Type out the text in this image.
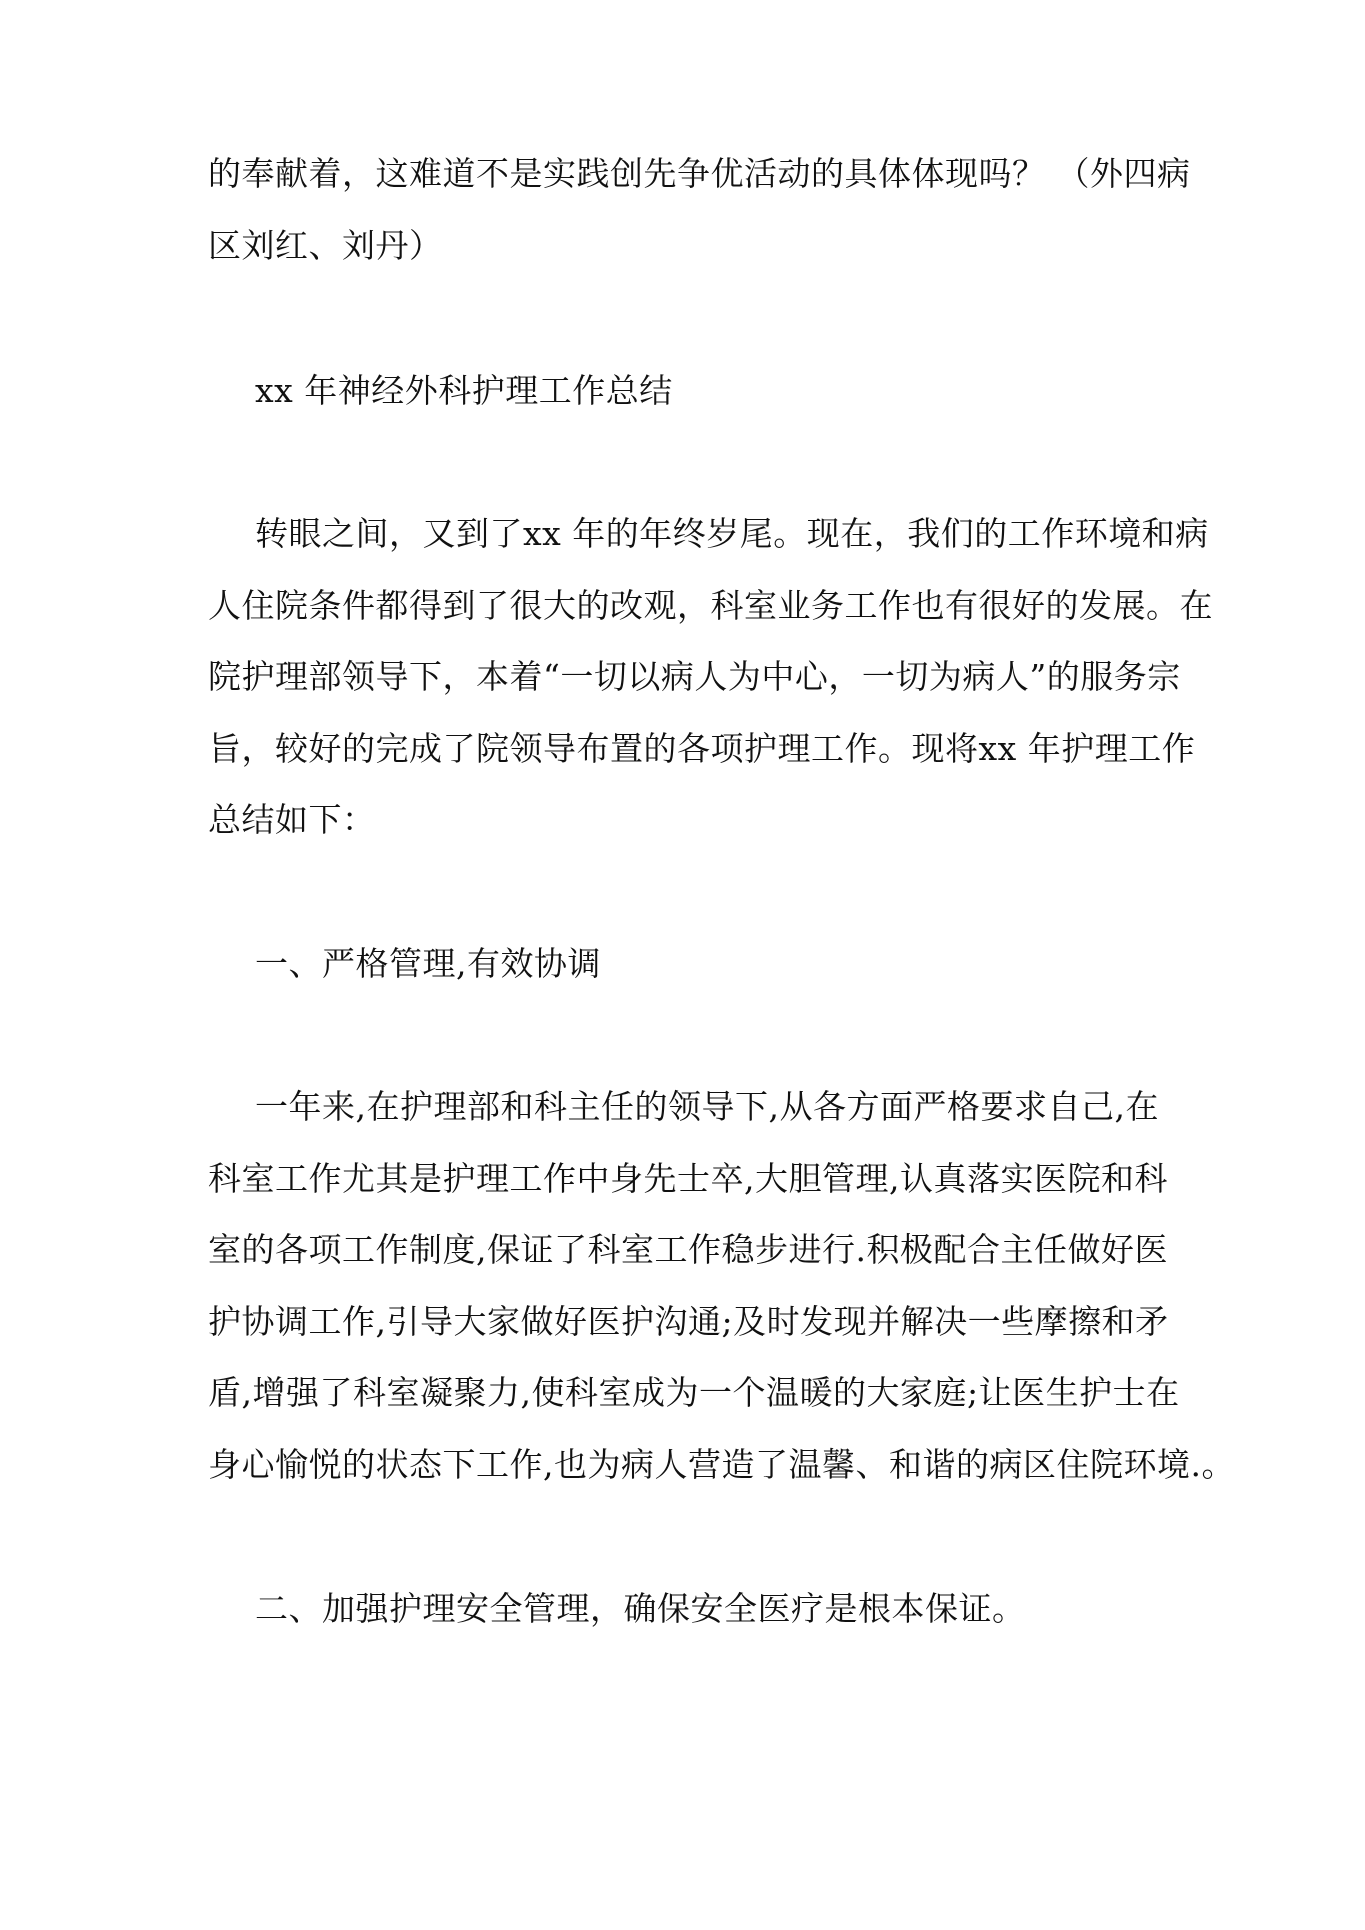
的奉献着，这难道不是实践创先争优活动的具体体现吗？ （外四病
区刘红、刘丹）
xx 年神经外科护理工作总结
转眼之间，又到了xx 年的年终岁尾。现在，我们的工作环境和病
人住院条件都得到了很大的改观，科室业务工作也有很好的发展。在
院护理部领导下，本着“一切以病人为中心，一切为病人”的服务宗
旨，较好的完成了院领导布置的各项护理工作。现将xx 年护理工作
总结如下：
一、严格管理,有效协调
一年来,在护理部和科主任的领导下,从各方面严格要求自己,在
科室工作尤其是护理工作中身先士卒,大胆管理,认真落实医院和科
室的各项工作制度,保证了科室工作稳步进行.积极配合主任做好医
护协调工作,引导大家做好医护沟通;及时发现并解决一些摩擦和矛
盾,增强了科室凝聚力,使科室成为一个温暖的大家庭;让医生护士在
身心愉悦的状态下工作,也为病人营造了温馨、和谐的病区住院环境.。
二、加强护理安全管理，确保安全医疗是根本保证。
